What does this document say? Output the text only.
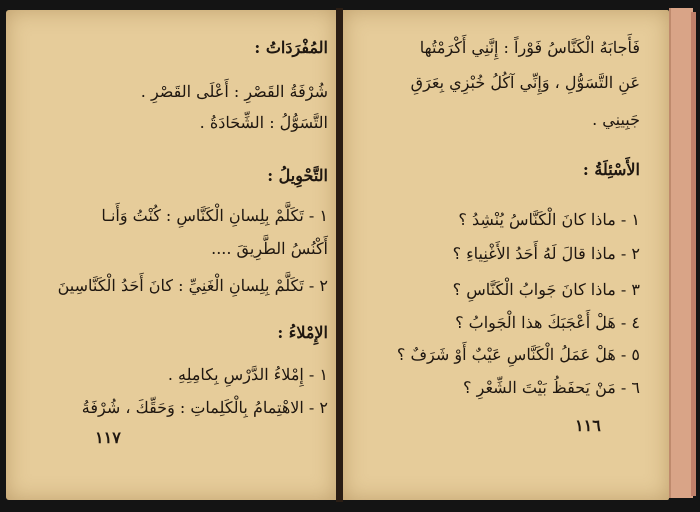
المُفْرَدَاتُ :
شُرْفَةُ القَصْرِ : أَعْلَى القَصْرِ .
التَّسَوُّلُ : الشِّحَادَةُ .
التَّحْوِيلُ :
١ - تَكَلَّمْ بِلِسانِ الْكَنَّاسِ : كُنْتُ وَأَنـا
أَكْنُسُ الطَّرِيقَ ....
٢ - تَكَلَّمْ بِلِسانِ الْغَنِيِّ : كانَ أَحَدُ الْكَنَّاسِينَ
الإِمْلاءُ :
١ - إِمْلاءُ الدَّرْسِ بِكامِلِهِ .
٢ - الاهْتِمامُ بِالْكَلِماتِ : وَحَقِّكَ ، شُرْفَةُ
١١٧
فَأَجابَهُ الْكَنَّاسُ فَوْراً : إِنَّنِي أَكْرَمْتُها
عَنِ التَّسَوُّلِ ، وَإِنِّي آكُلُ خُبْزِي بِعَرَقِ
جَبِينِي .
الأَسْئِلَةُ :
١ - ماذا كانَ الْكَنَّاسُ يُنْشِدُ ؟
٢ - ماذا قالَ لَهُ أَحَدُ الأَغْنِياءِ ؟
٣ - ماذا كانَ جَوابُ الْكَنَّاسِ ؟
٤ - هَلْ أَعْجَبَكَ هذا الْجَوابُ ؟
٥ - هَلْ عَمَلُ الْكَنَّاسِ عَيْبٌ أَوْ شَرَفٌ ؟
٦ - مَنْ يَحفَظُ بَيْتَ الشِّعْرِ ؟
١١٦
